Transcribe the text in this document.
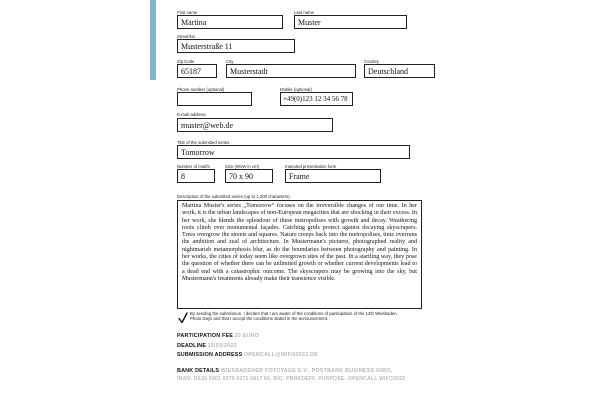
First name
Martina
Last name
Muster
Street/No
Musterstraße 11
Zip Code
65187
City
Musterstadt
Country
Deutschland
Phone number (optional)	Mobile (optional)
+49(0)123 12 34 56 78
E-mail address
muster@web.de
Title of the submitted series
Tomorrow
Number of motifs
8
Size (WxW in cm)
70 x 90
Intended presentation form
Frame
Description of the submitted series (up to 1,200 characters)
Martina Muster's series „Tomorrow“ focuses on the irreversible changes of our time. In her work, it is the urban landscapes of non-European megacities that are shocking in their excess. In her work, she blends the splendour of these metropolises with growth and decay. Weathering roots climb over monumental façades. Catching grids protect against decaying skyscrapers. Trees overgrow the streets and squares. Nature creeps back into the metropolises, time overruns the ambition and zeal of architecture. In Mustermann's pictures, photographed reality and nightmarish metamorphosis blur, as do the boundaries between photography and painting. In her works, the cities of today seem like overgrown sites of the past. In a startling way, they pose the question of whether there can be unlimited growth or whether current developments lead to a dead end with a catastrophic outcome. The skyscrapers may be growing into the sky, but Mustermann's treatments already make their transience visible.
By sending the submission, I declare that I am aware of the conditions of participation of the 12th Wiesbaden
Photo Days and that I accept the conditions stated in the announcement.
PARTICIPATION FEE 20 EURO
DEADLINE 15/03/2022
SUBMISSION ADDRESS OPENCALL@WIFO2022.DE
BANK DETAILS WIESBADENER FOTOTAGE E.V., POSTBANK BUSINESS GIRO,
IBAN: DE30 5001 0070 0371 5817 00, BIC: PBNKDEFF, PURPOSE: OPENCALL WIFO2022
